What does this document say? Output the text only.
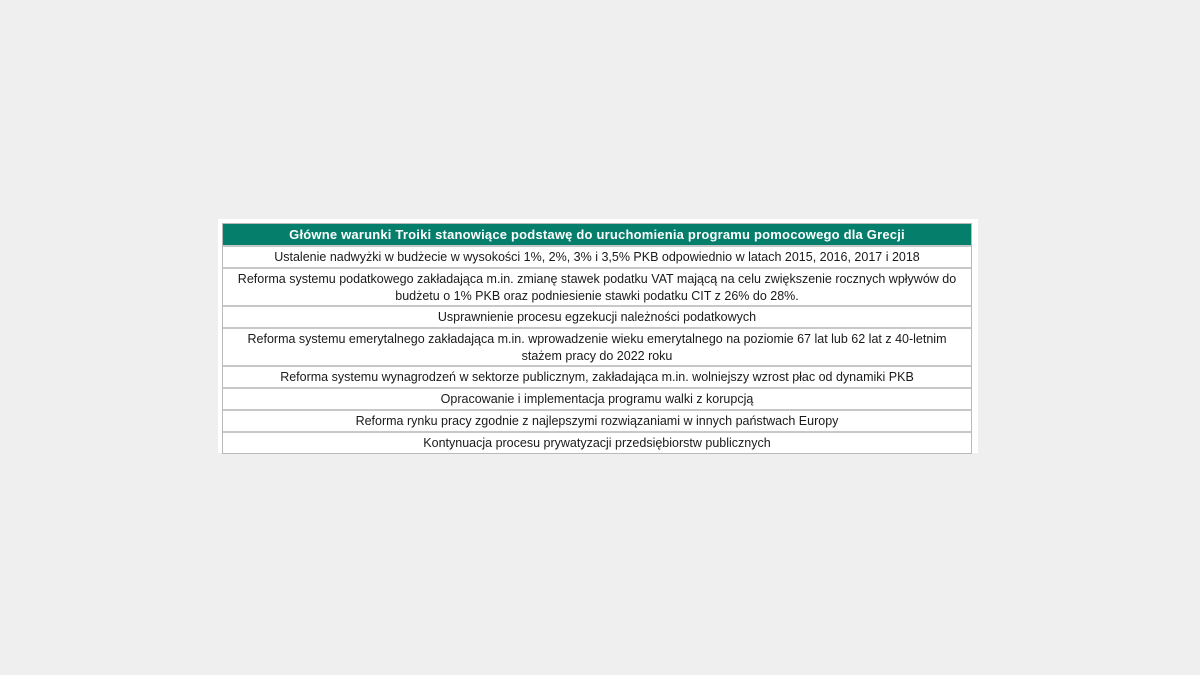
Główne warunki Troiki stanowiące podstawę do uruchomienia programu pomocowego dla Grecji
Ustalenie nadwyżki w budżecie w wysokości 1%, 2%, 3% i 3,5% PKB odpowiednio w latach 2015, 2016, 2017 i 2018
Reforma systemu podatkowego zakładająca m.in. zmianę stawek podatku VAT mającą na celu zwiększenie rocznych wpływów do budżetu o 1% PKB oraz podniesienie stawki podatku CIT z 26% do 28%.
Usprawnienie procesu egzekucji należności podatkowych
Reforma systemu emerytalnego zakładająca m.in. wprowadzenie wieku emerytalnego na poziomie 67 lat lub 62 lat z 40-letnim stażem pracy do 2022 roku
Reforma systemu wynagrodzeń w sektorze publicznym, zakładająca m.in. wolniejszy wzrost płac od dynamiki PKB
Opracowanie i implementacja programu walki z korupcją
Reforma rynku pracy zgodnie z najlepszymi rozwiązaniami w innych państwach Europy
Kontynuacja procesu prywatyzacji przedsiębiorstw publicznych
